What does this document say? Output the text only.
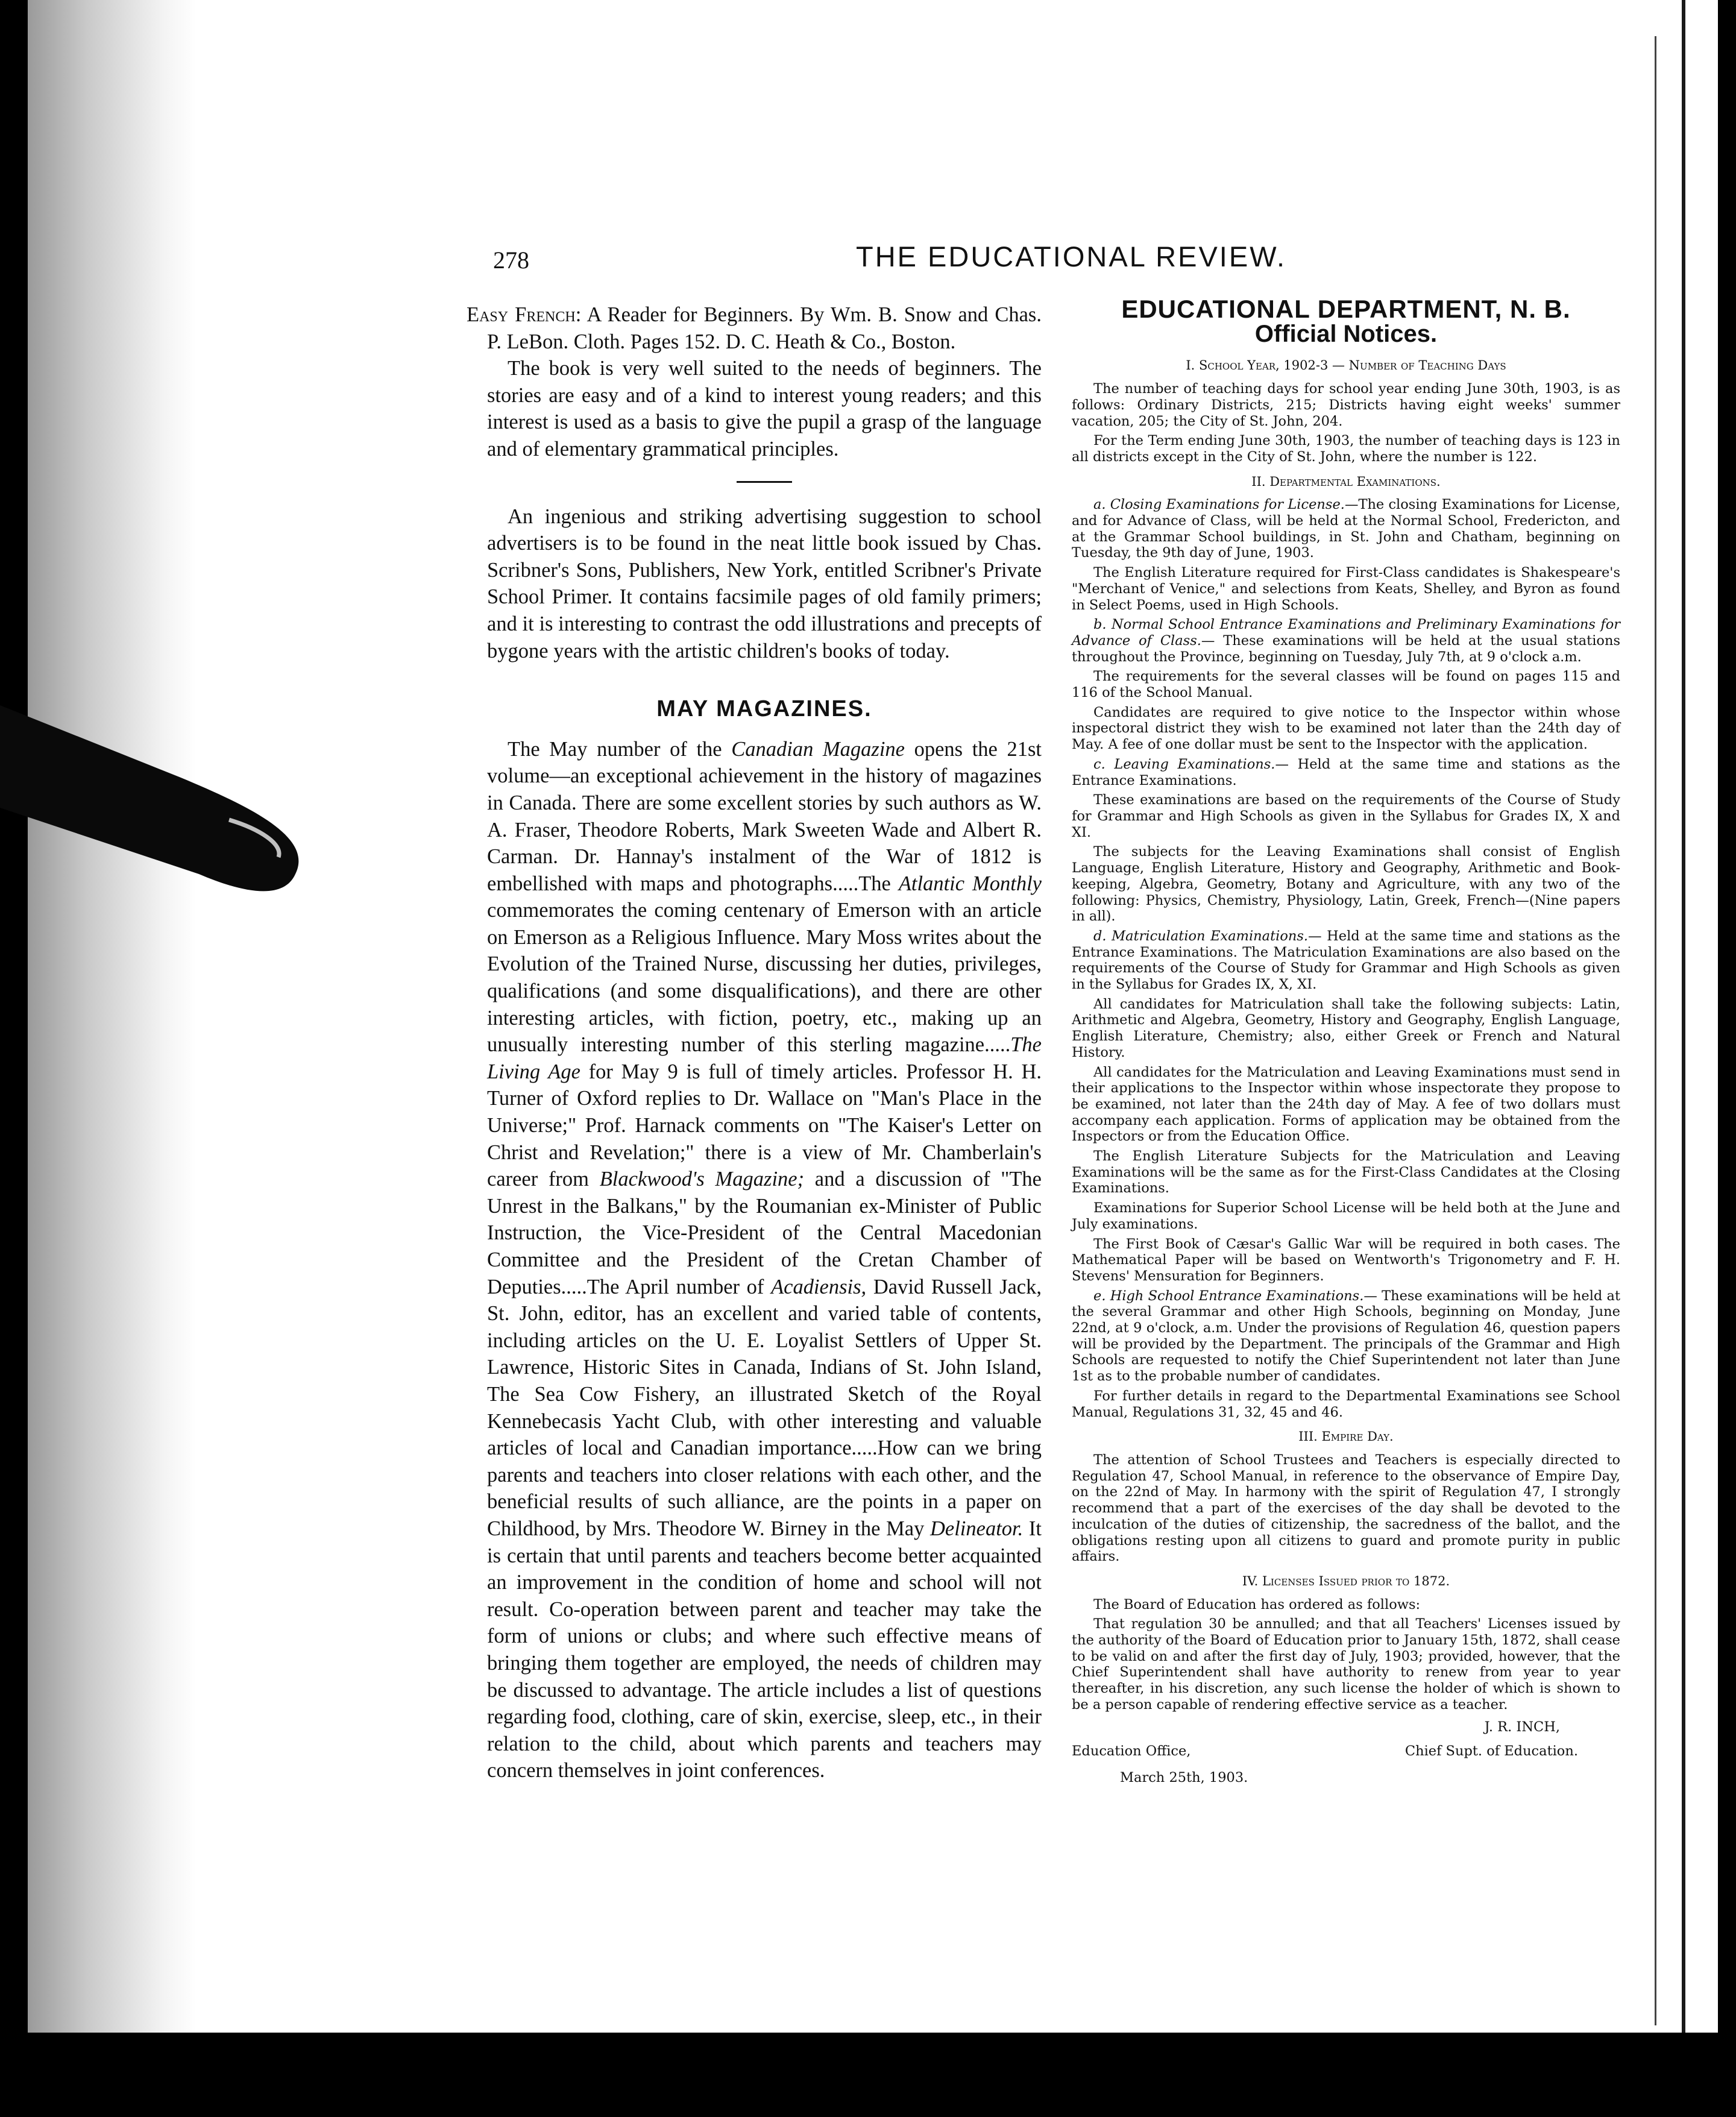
278	THE EDUCATIONAL REVIEW.

Easy French: A Reader for Beginners. By Wm. B. Snow and Chas. P. LeBon. Cloth. Pages 152. D. C. Heath & Co., Boston.

The book is very well suited to the needs of beginners. The stories are easy and of a kind to interest young readers; and this interest is used as a basis to give the pupil a grasp of the language and of elementary grammatical principles.

An ingenious and striking advertising suggestion to school advertisers is to be found in the neat little book issued by Chas. Scribner's Sons, Publishers, New York, entitled Scribner's Private School Primer. It contains facsimile pages of old family primers; and it is interesting to contrast the odd illustrations and precepts of bygone years with the artistic children's books of today.

MAY MAGAZINES.

The May number of the Canadian Magazine opens the 21st volume—an exceptional achievement in the history of magazines in Canada. There are some excellent stories by such authors as W. A. Fraser, Theodore Roberts, Mark Sweeten Wade and Albert R. Carman. Dr. Hannay's instalment of the War of 1812 is embellished with maps and photographs.....The Atlantic Monthly commemorates the coming centenary of Emerson with an article on Emerson as a Religious Influence. Mary Moss writes about the Evolution of the Trained Nurse, discussing her duties, privileges, qualifications (and some disqualifications), and there are other interesting articles, with fiction, poetry, etc., making up an unusually interesting number of this sterling magazine.....The Living Age for May 9 is full of timely articles. Professor H. H. Turner of Oxford replies to Dr. Wallace on "Man's Place in the Universe;" Prof. Harnack comments on "The Kaiser's Letter on Christ and Revelation;" there is a view of Mr. Chamberlain's career from Blackwood's Magazine; and a discussion of "The Unrest in the Balkans," by the Roumanian ex-Minister of Public Instruction, the Vice-President of the Central Macedonian Committee and the President of the Cretan Chamber of Deputies.....The April number of Acadiensis, David Russell Jack, St. John, editor, has an excellent and varied table of contents, including articles on the U. E. Loyalist Settlers of Upper St. Lawrence, Historic Sites in Canada, Indians of St. John Island, The Sea Cow Fishery, an illustrated Sketch of the Royal Kennebecasis Yacht Club, with other interesting and valuable articles of local and Canadian importance.....How can we bring parents and teachers into closer relations with each other, and the beneficial results of such alliance, are the points in a paper on Childhood, by Mrs. Theodore W. Birney in the May Delineator. It is certain that until parents and teachers become better acquainted an improvement in the condition of home and school will not result. Co-operation between parent and teacher may take the form of unions or clubs; and where such effective means of bringing them together are employed, the needs of children may be discussed to advantage. The article includes a list of questions regarding food, clothing, care of skin, exercise, sleep, etc., in their relation to the child, about which parents and teachers may concern themselves in joint conferences.

EDUCATIONAL DEPARTMENT, N. B.
Official Notices.
I. School Year, 1902-3 — Number of Teaching Days

The number of teaching days for school year ending June 30th, 1903, is as follows: Ordinary Districts, 215; Districts having eight weeks' summer vacation, 205; the City of St. John, 204.

For the Term ending June 30th, 1903, the number of teaching days is 123 in all districts except in the City of St. John, where the number is 122.

II. Departmental Examinations.

a. Closing Examinations for License.—The closing Examinations for License, and for Advance of Class, will be held at the Normal School, Fredericton, and at the Grammar School buildings, in St. John and Chatham, beginning on Tuesday, the 9th day of June, 1903.

The English Literature required for First-Class candidates is Shakespeare's "Merchant of Venice," and selections from Keats, Shelley, and Byron as found in Select Poems, used in High Schools.

b. Normal School Entrance Examinations and Preliminary Examinations for Advance of Class.— These examinations will be held at the usual stations throughout the Province, beginning on Tuesday, July 7th, at 9 o'clock a.m.

The requirements for the several classes will be found on pages 115 and 116 of the School Manual.

Candidates are required to give notice to the Inspector within whose inspectoral district they wish to be examined not later than the 24th day of May. A fee of one dollar must be sent to the Inspector with the application.

c. Leaving Examinations.— Held at the same time and stations as the Entrance Examinations.

These examinations are based on the requirements of the Course of Study for Grammar and High Schools as given in the Syllabus for Grades IX, X and XI.

The subjects for the Leaving Examinations shall consist of English Language, English Literature, History and Geography, Arithmetic and Book-keeping, Algebra, Geometry, Botany and Agriculture, with any two of the following: Physics, Chemistry, Physiology, Latin, Greek, French—(Nine papers in all).

d. Matriculation Examinations.— Held at the same time and stations as the Entrance Examinations. The Matriculation Examinations are also based on the requirements of the Course of Study for Grammar and High Schools as given in the Syllabus for Grades IX, X, XI.

All candidates for Matriculation shall take the following subjects: Latin, Arithmetic and Algebra, Geometry, History and Geography, English Language, English Literature, Chemistry; also, either Greek or French and Natural History.

All candidates for the Matriculation and Leaving Examinations must send in their applications to the Inspector within whose inspectorate they propose to be examined, not later than the 24th day of May. A fee of two dollars must accompany each application. Forms of application may be obtained from the Inspectors or from the Education Office.

The English Literature Subjects for the Matriculation and Leaving Examinations will be the same as for the First-Class Candidates at the Closing Examinations.

Examinations for Superior School License will be held both at the June and July examinations.

The First Book of Cæsar's Gallic War will be required in both cases. The Mathematical Paper will be based on Wentworth's Trigonometry and F. H. Stevens' Mensuration for Beginners.

e. High School Entrance Examinations.— These examinations will be held at the several Grammar and other High Schools, beginning on Monday, June 22nd, at 9 o'clock, a.m. Under the provisions of Regulation 46, question papers will be provided by the Department. The principals of the Grammar and High Schools are requested to notify the Chief Superintendent not later than June 1st as to the probable number of candidates.

For further details in regard to the Departmental Examinations see School Manual, Regulations 31, 32, 45 and 46.

III. Empire Day.

The attention of School Trustees and Teachers is especially directed to Regulation 47, School Manual, in reference to the observance of Empire Day, on the 22nd of May. In harmony with the spirit of Regulation 47, I strongly recommend that a part of the exercises of the day shall be devoted to the inculcation of the duties of citizenship, the sacredness of the ballot, and the obligations resting upon all citizens to guard and promote purity in public affairs.

IV. Licenses Issued prior to 1872.

The Board of Education has ordered as follows:

That regulation 30 be annulled; and that all Teachers' Licenses issued by the authority of the Board of Education prior to January 15th, 1872, shall cease to be valid on and after the first day of July, 1903; provided, however, that the Chief Superintendent shall have authority to renew from year to year thereafter, in his discretion, any such license the holder of which is shown to be a person capable of rendering effective service as a teacher.

J. R. INCH,
Education Office,	Chief Supt. of Education.
March 25th, 1903.
